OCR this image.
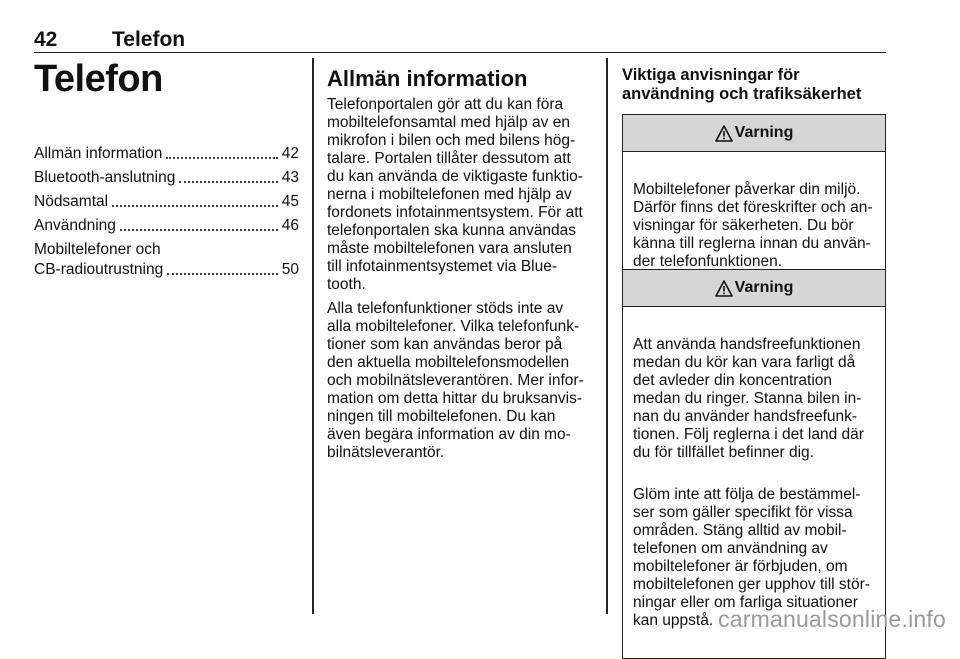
42	Telefon
Telefon
Allmän information	42
Bluetooth-anslutning	43
Nödsamtal	45
Användning	46
Mobiltelefoner och
CB-radioutrustning	50
Allmän information

Telefonportalen gör att du kan föra
mobiltelefonsamtal med hjälp av en
mikrofon i bilen och med bilens hög-
talare. Portalen tillåter dessutom att
du kan använda de viktigaste funktio-
nerna i mobiltelefonen med hjälp av
fordonets infotainmentsystem. För att
telefonportalen ska kunna användas
måste mobiltelefonen vara ansluten
till infotainmentsystemet via Blue-
tooth.

Alla telefonfunktioner stöds inte av
alla mobiltelefoner. Vilka telefonfunk-
tioner som kan användas beror på
den aktuella mobiltelefonsmodellen
och mobilnätsleverantören. Mer infor-
mation om detta hittar du bruksanvis-
ningen till mobiltelefonen. Du kan
även begära information av din mo-
bilnätsleverantör.

Viktiga anvisningar för
användning och trafiksäkerhet
Varning

Mobiltelefoner påverkar din miljö.
Därför finns det föreskrifter och an-
visningar för säkerheten. Du bör
känna till reglerna innan du använ-
der telefonfunktionen.

Varning

Att använda handsfreefunktionen
medan du kör kan vara farligt då
det avleder din koncentration
medan du ringer. Stanna bilen in-
nan du använder handsfreefunk-
tionen. Följ reglerna i det land där
du för tillfället befinner dig.

Glöm inte att följa de bestämmel-
ser som gäller specifikt för vissa
områden. Stäng alltid av mobil-
telefonen om användning av
mobiltelefoner är förbjuden, om
mobiltelefonen ger upphov till stör-
ningar eller om farliga situationer
kan uppstå. carmanualsonline.info
